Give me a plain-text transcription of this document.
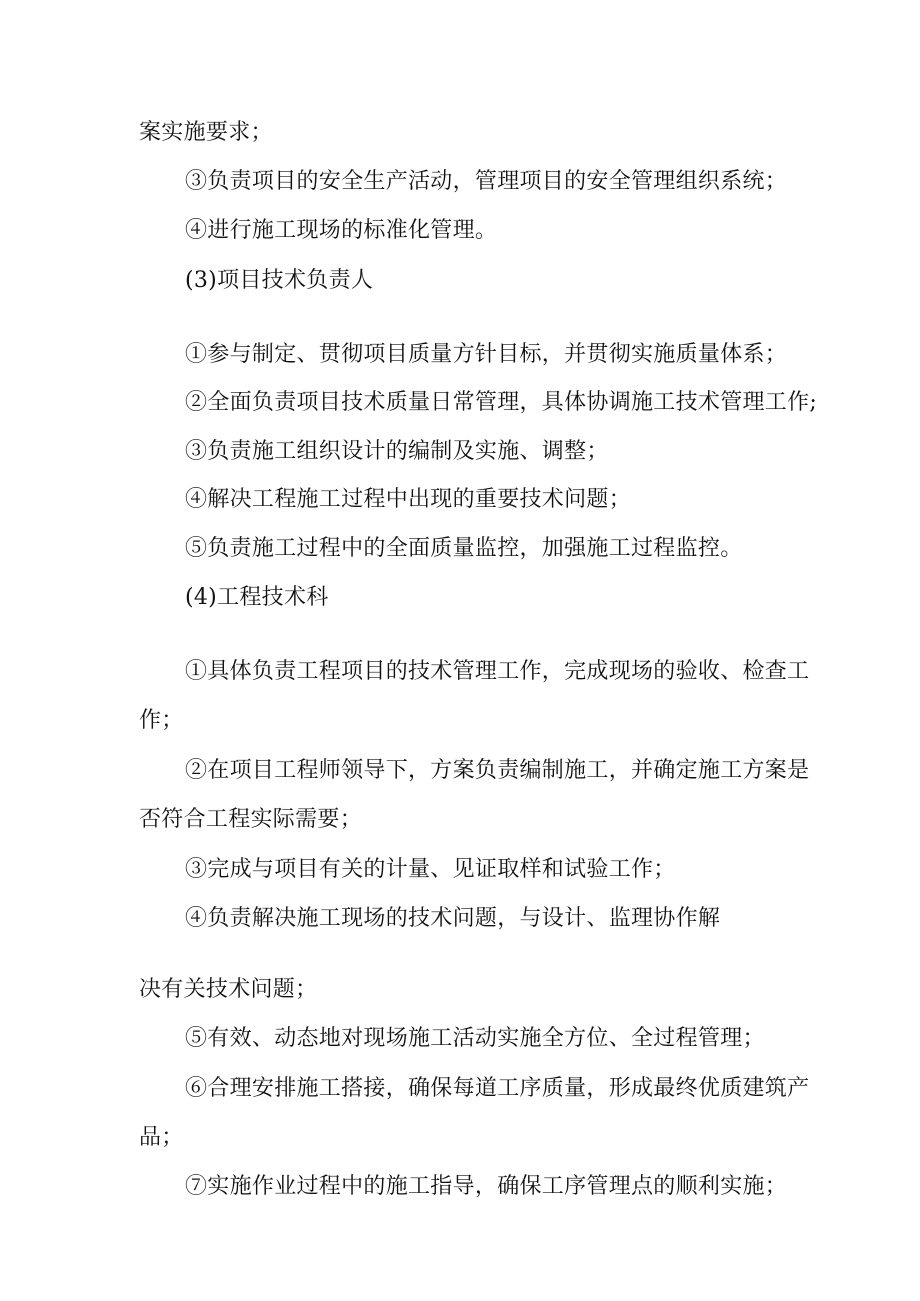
案实施要求；
③负责项目的安全生产活动，管理项目的安全管理组织系统；
④进行施工现场的标准化管理。
(3)项目技术负责人
①参与制定、贯彻项目质量方针目标，并贯彻实施质量体系；
②全面负责项目技术质量日常管理，具体协调施工技术管理工作;
③负责施工组织设计的编制及实施、调整；
④解决工程施工过程中出现的重要技术问题；
⑤负责施工过程中的全面质量监控，加强施工过程监控。
(4)工程技术科
①具体负责工程项目的技术管理工作，完成现场的验收、检查工
作；
②在项目工程师领导下，方案负责编制施工，并确定施工方案是
否符合工程实际需要；
③完成与项目有关的计量、见证取样和试验工作；
④负责解决施工现场的技术问题，与设计、监理协作解
决有关技术问题；
⑤有效、动态地对现场施工活动实施全方位、全过程管理；
⑥合理安排施工搭接，确保每道工序质量，形成最终优质建筑产
品；
⑦实施作业过程中的施工指导，确保工序管理点的顺利实施；
